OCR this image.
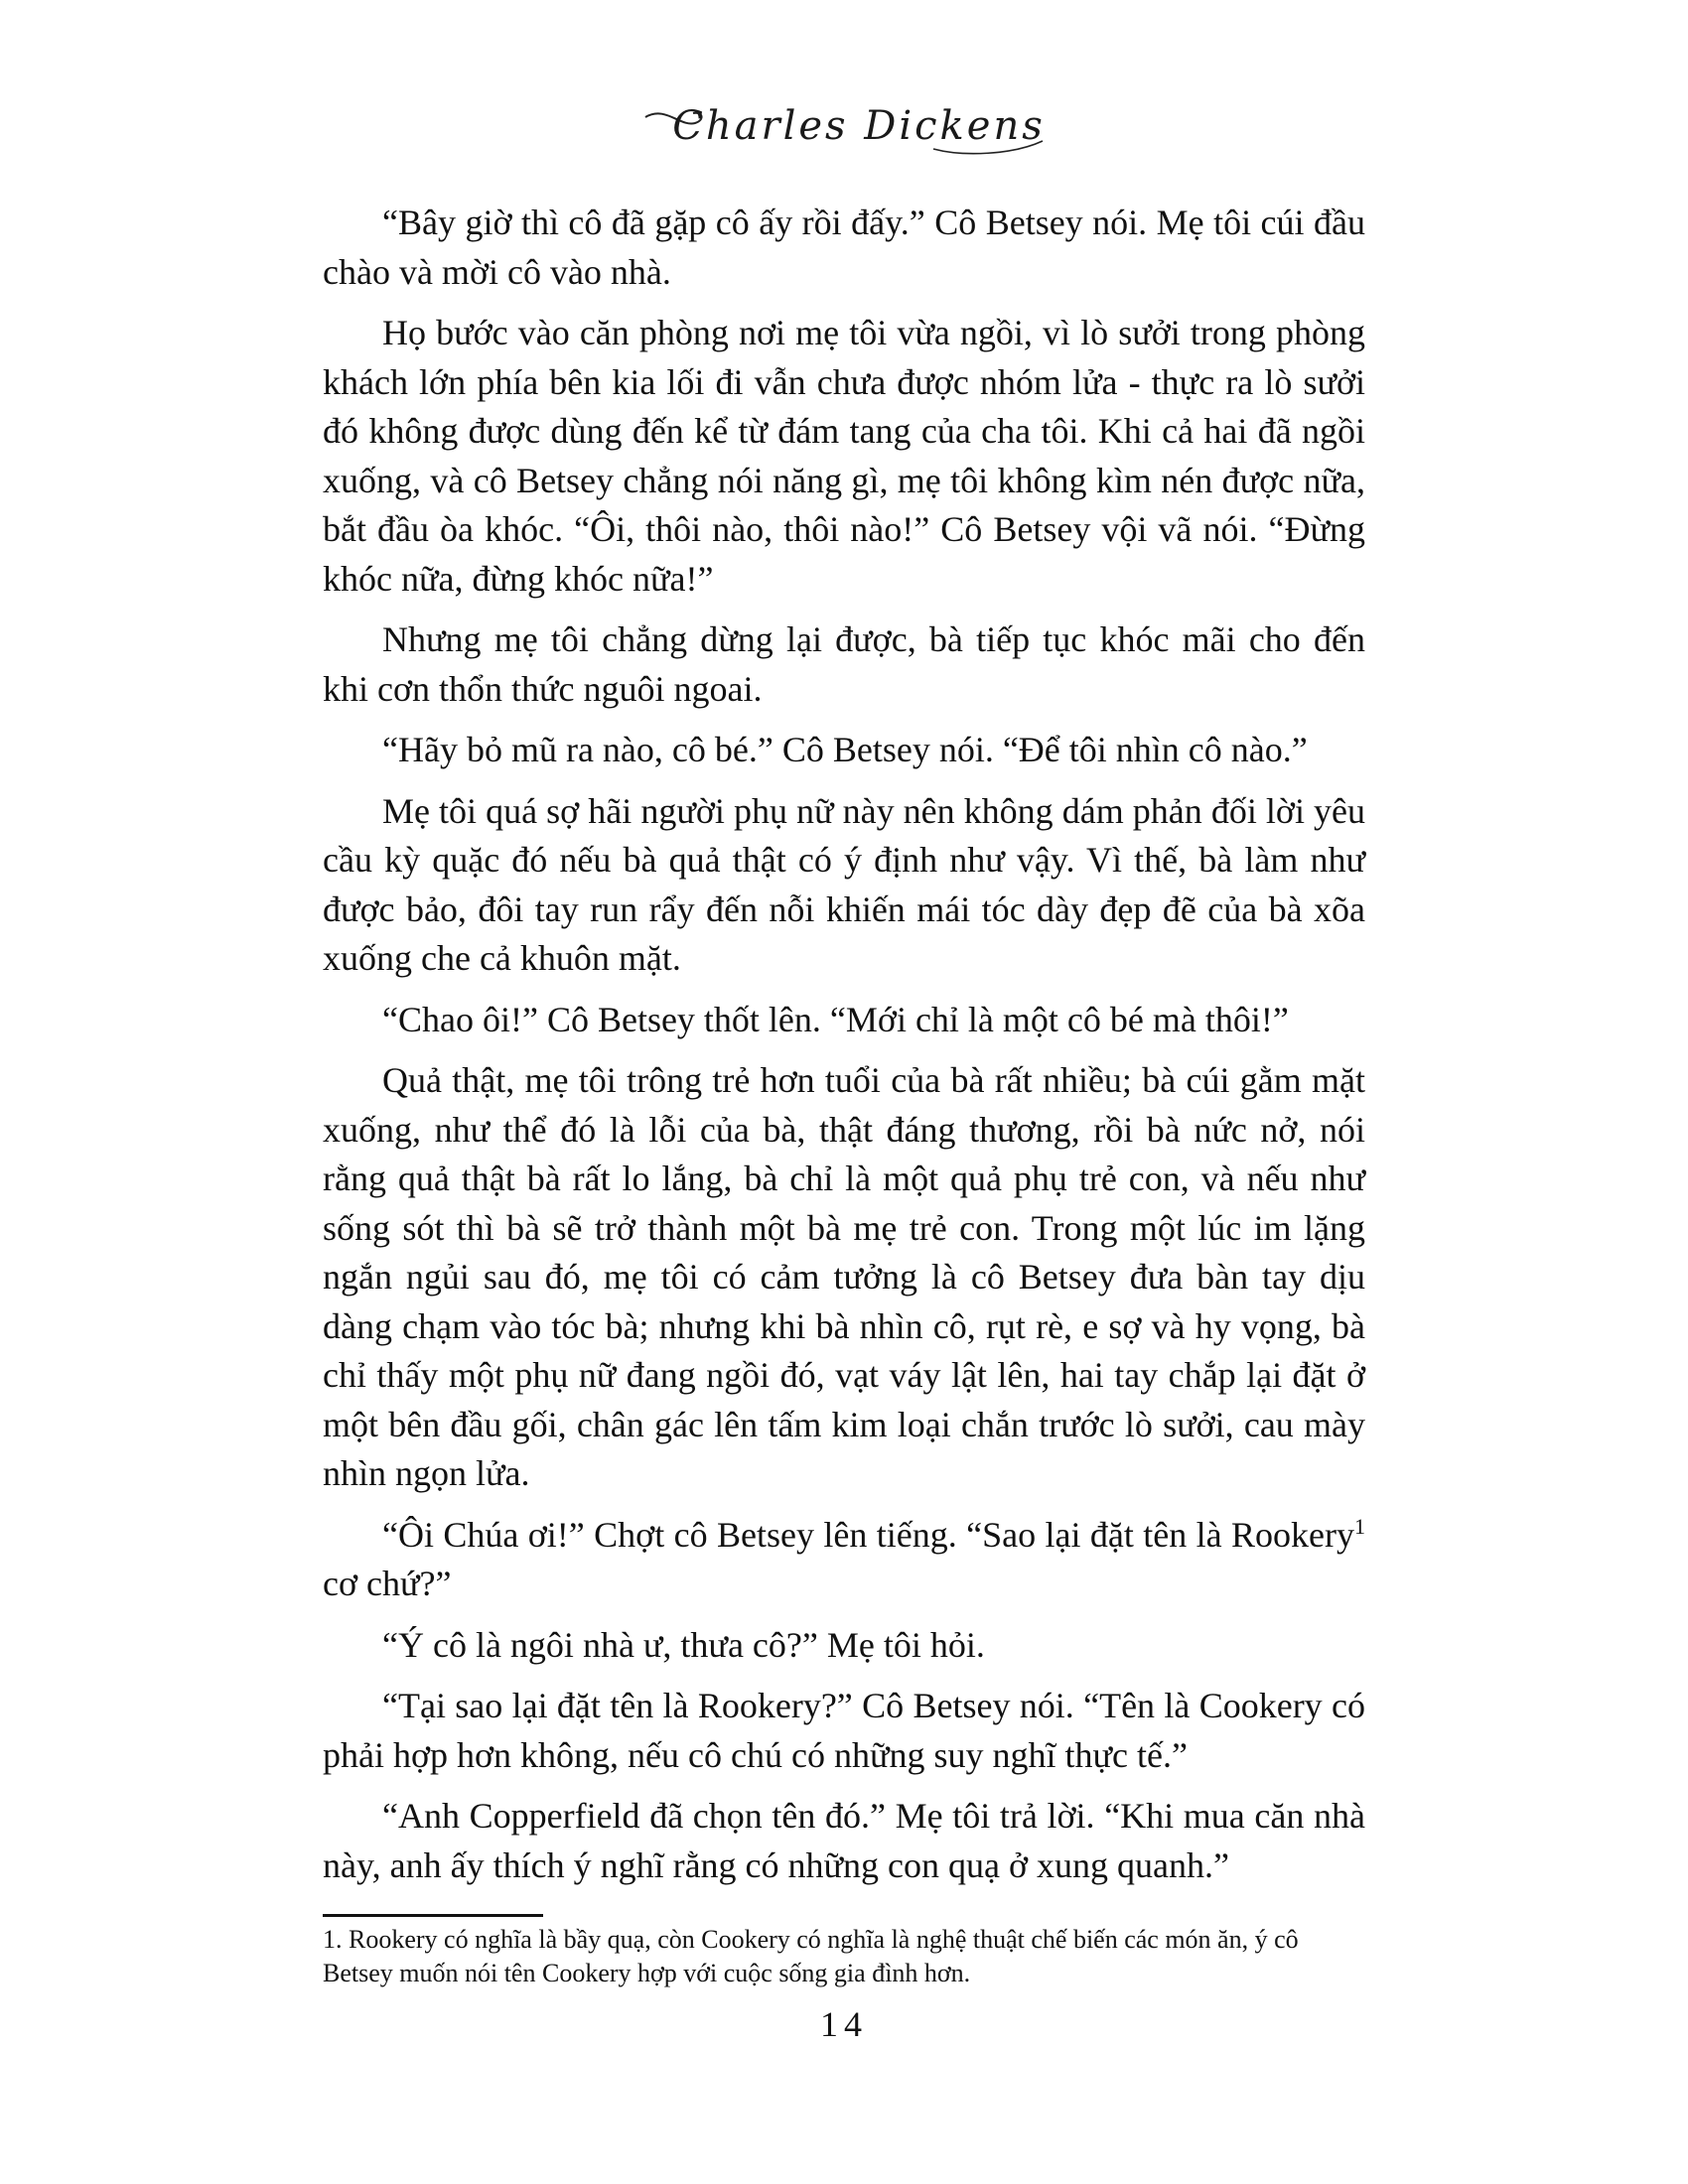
Charles Dickens

“Bây giờ thì cô đã gặp cô ấy rồi đấy.” Cô Betsey nói. Mẹ tôi cúi đầu chào và mời cô vào nhà.

Họ bước vào căn phòng nơi mẹ tôi vừa ngồi, vì lò sưởi trong phòng khách lớn phía bên kia lối đi vẫn chưa được nhóm lửa - thực ra lò sưởi đó không được dùng đến kể từ đám tang của cha tôi. Khi cả hai đã ngồi xuống, và cô Betsey chẳng nói năng gì, mẹ tôi không kìm nén được nữa, bắt đầu òa khóc. “Ôi, thôi nào, thôi nào!” Cô Betsey vội vã nói. “Đừng khóc nữa, đừng khóc nữa!”

Nhưng mẹ tôi chẳng dừng lại được, bà tiếp tục khóc mãi cho đến khi cơn thổn thức nguôi ngoai.

“Hãy bỏ mũ ra nào, cô bé.” Cô Betsey nói. “Để tôi nhìn cô nào.”

Mẹ tôi quá sợ hãi người phụ nữ này nên không dám phản đối lời yêu cầu kỳ quặc đó nếu bà quả thật có ý định như vậy. Vì thế, bà làm như được bảo, đôi tay run rẩy đến nỗi khiến mái tóc dày đẹp đẽ của bà xõa xuống che cả khuôn mặt.

“Chao ôi!” Cô Betsey thốt lên. “Mới chỉ là một cô bé mà thôi!”

Quả thật, mẹ tôi trông trẻ hơn tuổi của bà rất nhiều; bà cúi gằm mặt xuống, như thể đó là lỗi của bà, thật đáng thương, rồi bà nức nở, nói rằng quả thật bà rất lo lắng, bà chỉ là một quả phụ trẻ con, và nếu như sống sót thì bà sẽ trở thành một bà mẹ trẻ con. Trong một lúc im lặng ngắn ngủi sau đó, mẹ tôi có cảm tưởng là cô Betsey đưa bàn tay dịu dàng chạm vào tóc bà; nhưng khi bà nhìn cô, rụt rè, e sợ và hy vọng, bà chỉ thấy một phụ nữ đang ngồi đó, vạt váy lật lên, hai tay chắp lại đặt ở một bên đầu gối, chân gác lên tấm kim loại chắn trước lò sưởi, cau mày nhìn ngọn lửa.

“Ôi Chúa ơi!” Chợt cô Betsey lên tiếng. “Sao lại đặt tên là Rookery$^1$ cơ chứ?”

“Ý cô là ngôi nhà ư, thưa cô?” Mẹ tôi hỏi.

“Tại sao lại đặt tên là Rookery?” Cô Betsey nói. “Tên là Cookery có phải hợp hơn không, nếu cô chú có những suy nghĩ thực tế.”

“Anh Copperfield đã chọn tên đó.” Mẹ tôi trả lời. “Khi mua căn nhà này, anh ấy thích ý nghĩ rằng có những con quạ ở xung quanh.”

1. Rookery có nghĩa là bầy quạ, còn Cookery có nghĩa là nghệ thuật chế biến các món ăn, ý cô Betsey muốn nói tên Cookery hợp với cuộc sống gia đình hơn.
14
